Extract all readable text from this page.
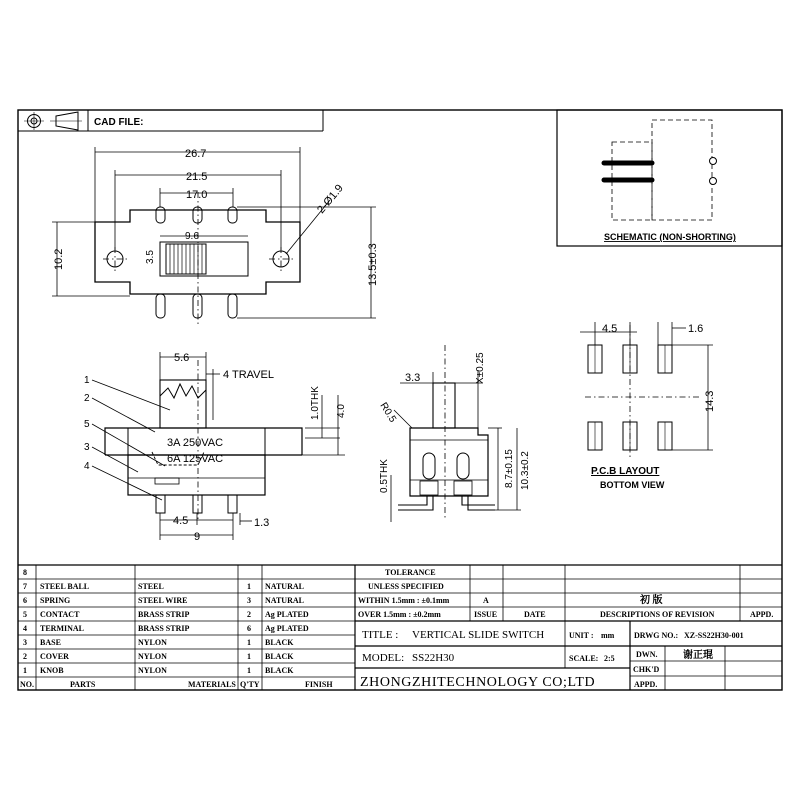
CAD FILE:
SCHEMATIC (NON-SHORTING)
26.7
21.5
17.0	2-Ø1.9
9.6
3.5
10.2	13.5±0.3
3A 250VAC
6A 125VAC
1
2
5
3
4
5.6
4 TRAVEL
1.0THK 4.0
4.5	1.3
9
R0.5
3.3	X±0.25
0.5THK	8.7±0.15 10.3±0.2
4.5	1.6
14.3
P.C.B LAYOUT
BOTTOM VIEW
8
7 STEEL BALL	STEEL	1 NATURAL
6 SPRING	STEEL WIRE	3 NATURAL
5 CONTACT	BRASS STRIP	2 Ag PLATED
4 TERMINAL	BRASS STRIP	6 Ag PLATED
3 BASE	NYLON	1 BLACK
2 COVER	NYLON	1 BLACK
1 KNOB	NYLON	1 BLACK
NO.	PARTS	MATERIALS Q'TY	FINISH
TOLERANCE
UNLESS SPECIFIED
WITHIN 1.5mm : ±0.1mm
OVER 1.5mm : ±0.2mm
A
ISSUE	DATE
初 版
DESCRIPTIONS OF REVISION	APPD.
TITLE : VERTICAL SLIDE SWITCH	UNIT : mm DRWG NO.: XZ-SS22H30-001
MODEL: SS22H30	SCALE: 2:5	DWN.	谢正琨
CHK'D
APPD.
ZHONGZHITECHNOLOGY CO;LTD
